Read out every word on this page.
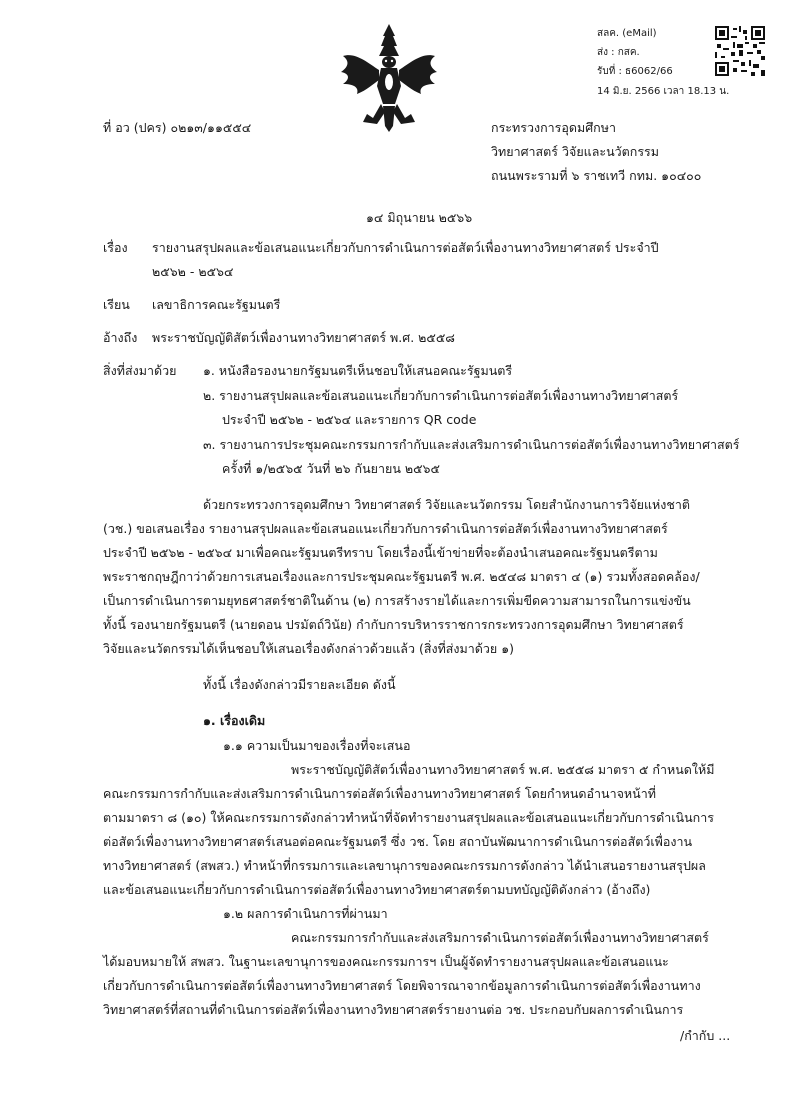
สลค. (eMail)
ส่ง : กสค.
รับที่ : ธ6062/66
14 มิ.ย. 2566 เวลา 18.13 น.
ที่ อว (ปคร) ๐๒๑๓/๑๑๕๕๔	กระทรวงการอุดมศึกษา
วิทยาศาสตร์ วิจัยและนวัตกรรม
ถนนพระรามที่ ๖ ราชเทวี กทม. ๑๐๔๐๐
๑๔ มิถุนายน ๒๕๖๖
เรื่อง รายงานสรุปผลและข้อเสนอแนะเกี่ยวกับการดำเนินการต่อสัตว์เพื่องานทางวิทยาศาสตร์ ประจำปี
๒๕๖๒ - ๒๕๖๔
เรียน เลขาธิการคณะรัฐมนตรี
อ้างถึง พระราชบัญญัติสัตว์เพื่องานทางวิทยาศาสตร์ พ.ศ. ๒๕๕๘
สิ่งที่ส่งมาด้วย ๑. หนังสือรองนายกรัฐมนตรีเห็นชอบให้เสนอคณะรัฐมนตรี
๒. รายงานสรุปผลและข้อเสนอแนะเกี่ยวกับการดำเนินการต่อสัตว์เพื่องานทางวิทยาศาสตร์
ประจำปี ๒๕๖๒ - ๒๕๖๔ และรายการ QR code
๓. รายงานการประชุมคณะกรรมการกำกับและส่งเสริมการดำเนินการต่อสัตว์เพื่องานทางวิทยาศาสตร์
ครั้งที่ ๑/๒๕๖๕ วันที่ ๒๖ กันยายน ๒๕๖๕
ด้วยกระทรวงการอุดมศึกษา วิทยาศาสตร์ วิจัยและนวัตกรรม โดยสำนักงานการวิจัยแห่งชาติ
(วช.) ขอเสนอเรื่อง รายงานสรุปผลและข้อเสนอแนะเกี่ยวกับการดำเนินการต่อสัตว์เพื่องานทางวิทยาศาสตร์
ประจำปี ๒๕๖๒ - ๒๕๖๔ มาเพื่อคณะรัฐมนตรีทราบ โดยเรื่องนี้เข้าข่ายที่จะต้องนำเสนอคณะรัฐมนตรีตาม
พระราชกฤษฎีกาว่าด้วยการเสนอเรื่องและการประชุมคณะรัฐมนตรี พ.ศ. ๒๕๔๘ มาตรา ๔ (๑) รวมทั้งสอดคล้อง/
เป็นการดำเนินการตามยุทธศาสตร์ชาติในด้าน (๒) การสร้างรายได้และการเพิ่มขีดความสามารถในการแข่งขัน
ทั้งนี้ รองนายกรัฐมนตรี (นายดอน ปรมัตถ์วินัย) กำกับการบริหารราชการกระทรวงการอุดมศึกษา วิทยาศาสตร์
วิจัยและนวัตกรรมได้เห็นชอบให้เสนอเรื่องดังกล่าวด้วยแล้ว (สิ่งที่ส่งมาด้วย ๑)
ทั้งนี้ เรื่องดังกล่าวมีรายละเอียด ดังนี้
๑. เรื่องเดิม
๑.๑ ความเป็นมาของเรื่องที่จะเสนอ
พระราชบัญญัติสัตว์เพื่องานทางวิทยาศาสตร์ พ.ศ. ๒๕๕๘ มาตรา ๕ กำหนดให้มี
คณะกรรมการกำกับและส่งเสริมการดำเนินการต่อสัตว์เพื่องานทางวิทยาศาสตร์ โดยกำหนดอำนาจหน้าที่
ตามมาตรา ๘ (๑๐) ให้คณะกรรมการดังกล่าวทำหน้าที่จัดทำรายงานสรุปผลและข้อเสนอแนะเกี่ยวกับการดำเนินการ
ต่อสัตว์เพื่องานทางวิทยาศาสตร์เสนอต่อคณะรัฐมนตรี ซึ่ง วช. โดย สถาบันพัฒนาการดำเนินการต่อสัตว์เพื่องาน
ทางวิทยาศาสตร์ (สพสว.) ทำหน้าที่กรรมการและเลขานุการของคณะกรรมการดังกล่าว ได้นำเสนอรายงานสรุปผล
และข้อเสนอแนะเกี่ยวกับการดำเนินการต่อสัตว์เพื่องานทางวิทยาศาสตร์ตามบทบัญญัติดังกล่าว (อ้างถึง)
๑.๒ ผลการดำเนินการที่ผ่านมา
คณะกรรมการกำกับและส่งเสริมการดำเนินการต่อสัตว์เพื่องานทางวิทยาศาสตร์
ได้มอบหมายให้ สพสว. ในฐานะเลขานุการของคณะกรรมการฯ เป็นผู้จัดทำรายงานสรุปผลและข้อเสนอแนะ
เกี่ยวกับการดำเนินการต่อสัตว์เพื่องานทางวิทยาศาสตร์ โดยพิจารณาจากข้อมูลการดำเนินการต่อสัตว์เพื่องานทาง
วิทยาศาสตร์ที่สถานที่ดำเนินการต่อสัตว์เพื่องานทางวิทยาศาสตร์รายงานต่อ วช. ประกอบกับผลการดำเนินการ
/กำกับ ...
